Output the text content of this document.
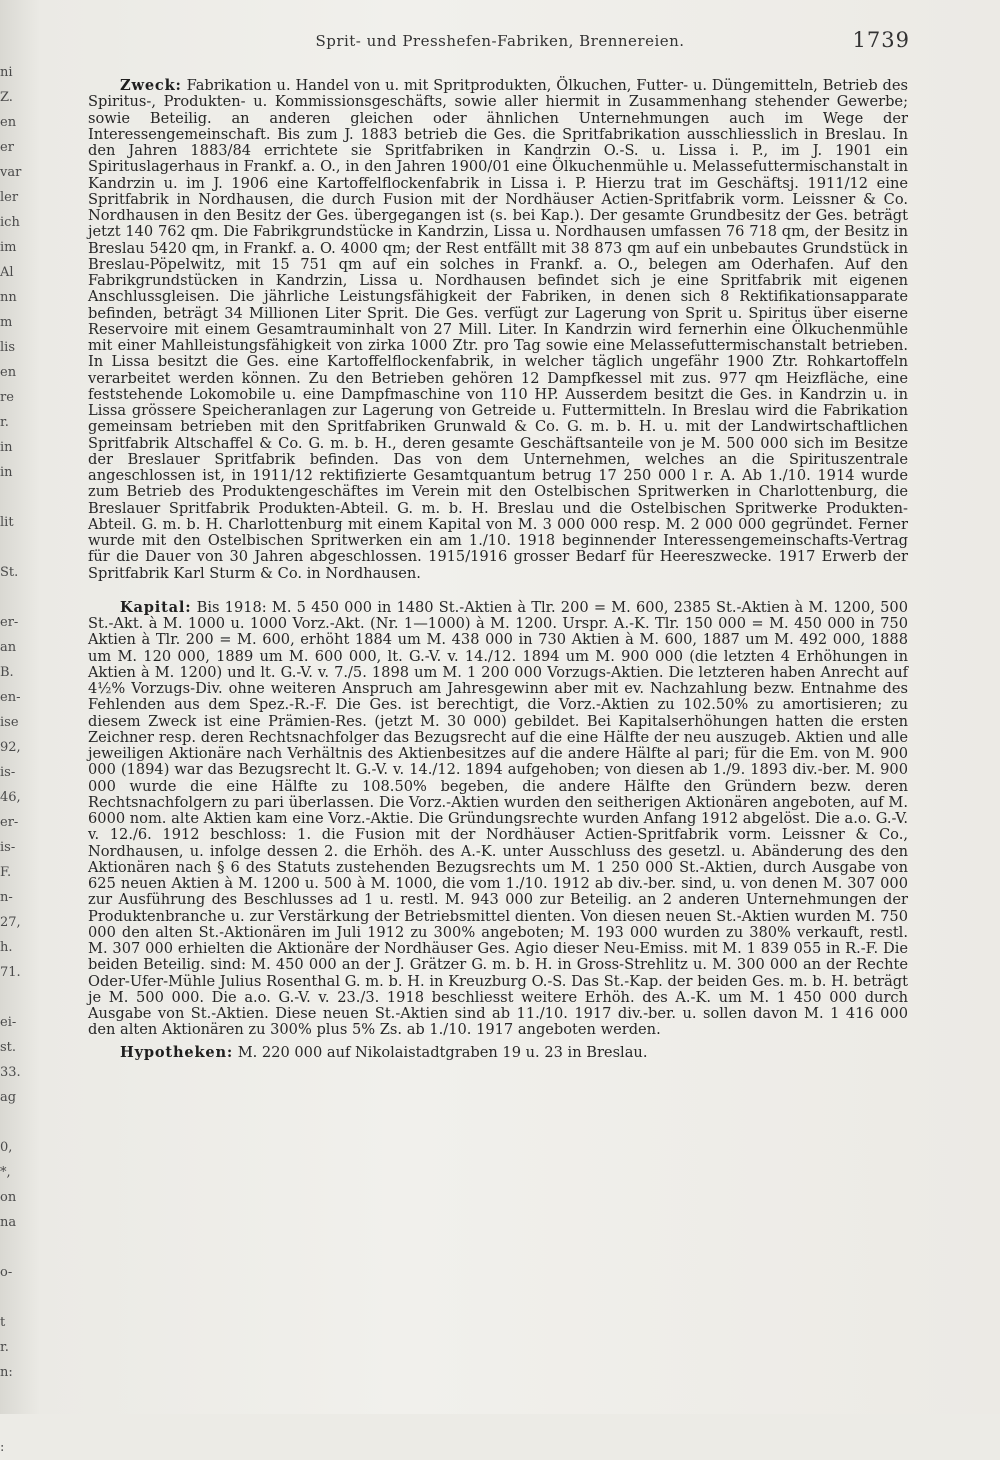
ni
Z.
en
er
var
ler
ich
im
Al
nn
m
lis
en
re
r.
in
in

lit

St.

er-
an
B.
en-
ise
92,
is-
46,
er-
is-
F.
n-
27,
h.
71.

ei-
st.
33.
ag

0,
*,
on
na

o-

t
r.
n:

:
Sprit- und Presshefen-Fabriken, Brennereien.	1739

Zweck: Fabrikation u. Handel von u. mit Spritprodukten, Ölkuchen, Futter- u. Düngemitteln, Betrieb des Spiritus-, Produkten- u. Kommissionsgeschäfts, sowie aller hiermit in Zusammenhang stehender Gewerbe; sowie Beteilig. an anderen gleichen oder ähnlichen Unternehmungen auch im Wege der Interessengemeinschaft. Bis zum J. 1883 betrieb die Ges. die Spritfabrikation ausschliesslich in Breslau. In den Jahren 1883/84 errichtete sie Spritfabriken in Kandrzin O.-S. u. Lissa i. P., im J. 1901 ein Spirituslagerhaus in Frankf. a. O., in den Jahren 1900/01 eine Ölkuchenmühle u. Melassefuttermischanstalt in Kandrzin u. im J. 1906 eine Kartoffelflockenfabrik in Lissa i. P. Hierzu trat im Geschäftsj. 1911/12 eine Spritfabrik in Nordhausen, die durch Fusion mit der Nordhäuser Actien-Spritfabrik vorm. Leissner & Co. Nordhausen in den Besitz der Ges. übergegangen ist (s. bei Kap.). Der gesamte Grundbesitz der Ges. beträgt jetzt 140 762 qm. Die Fabrikgrundstücke in Kandrzin, Lissa u. Nordhausen umfassen 76 718 qm, der Besitz in Breslau 5420 qm, in Frankf. a. O. 4000 qm; der Rest entfällt mit 38 873 qm auf ein unbebautes Grundstück in Breslau-Pöpelwitz, mit 15 751 qm auf ein solches in Frankf. a. O., belegen am Oderhafen. Auf den Fabrikgrundstücken in Kandrzin, Lissa u. Nordhausen befindet sich je eine Spritfabrik mit eigenen Anschlussgleisen. Die jährliche Leistungsfähigkeit der Fabriken, in denen sich 8 Rektifikationsapparate befinden, beträgt 34 Millionen Liter Sprit. Die Ges. verfügt zur Lagerung von Sprit u. Spiritus über eiserne Reservoire mit einem Gesamtrauminhalt von 27 Mill. Liter. In Kandrzin wird fernerhin eine Ölkuchenmühle mit einer Mahlleistungsfähigkeit von zirka 1000 Ztr. pro Tag sowie eine Melassefuttermischanstalt betrieben. In Lissa besitzt die Ges. eine Kartoffelflockenfabrik, in welcher täglich ungefähr 1900 Ztr. Rohkartoffeln verarbeitet werden können. Zu den Betrieben gehören 12 Dampfkessel mit zus. 977 qm Heizfläche, eine feststehende Lokomobile u. eine Dampfmaschine von 110 HP. Ausserdem besitzt die Ges. in Kandrzin u. in Lissa grössere Speicheranlagen zur Lagerung von Getreide u. Futtermitteln. In Breslau wird die Fabrikation gemeinsam betrieben mit den Spritfabriken Grunwald & Co. G. m. b. H. u. mit der Landwirtschaftlichen Spritfabrik Altschaffel & Co. G. m. b. H., deren gesamte Geschäftsanteile von je M. 500 000 sich im Besitze der Breslauer Spritfabrik befinden. Das von dem Unternehmen, welches an die Spirituszentrale angeschlossen ist, in 1911/12 rektifizierte Gesamtquantum betrug 17 250 000 l r. A. Ab 1./10. 1914 wurde zum Betrieb des Produktengeschäftes im Verein mit den Ostelbischen Spritwerken in Charlottenburg, die Breslauer Spritfabrik Produkten-Abteil. G. m. b. H. Breslau und die Ostelbischen Spritwerke Produkten-Abteil. G. m. b. H. Charlottenburg mit einem Kapital von M. 3 000 000 resp. M. 2 000 000 gegründet. Ferner wurde mit den Ostelbischen Spritwerken ein am 1./10. 1918 beginnender Interessengemeinschafts-Vertrag für die Dauer von 30 Jahren abgeschlossen. 1915/1916 grosser Bedarf für Heereszwecke. 1917 Erwerb der Spritfabrik Karl Sturm & Co. in Nordhausen.

Kapital: Bis 1918: M. 5 450 000 in 1480 St.-Aktien à Tlr. 200 = M. 600, 2385 St.-Aktien à M. 1200, 500 St.-Akt. à M. 1000 u. 1000 Vorz.-Akt. (Nr. 1—1000) à M. 1200. Urspr. A.-K. Tlr. 150 000 = M. 450 000 in 750 Aktien à Tlr. 200 = M. 600, erhöht 1884 um M. 438 000 in 730 Aktien à M. 600, 1887 um M. 492 000, 1888 um M. 120 000, 1889 um M. 600 000, lt. G.-V. v. 14./12. 1894 um M. 900 000 (die letzten 4 Erhöhungen in Aktien à M. 1200) und lt. G.-V. v. 7./5. 1898 um M. 1 200 000 Vorzugs-Aktien. Die letzteren haben Anrecht auf 4½% Vorzugs-Div. ohne weiteren Anspruch am Jahresgewinn aber mit ev. Nachzahlung bezw. Entnahme des Fehlenden aus dem Spez.-R.-F. Die Ges. ist berechtigt, die Vorz.-Aktien zu 102.50% zu amortisieren; zu diesem Zweck ist eine Prämien-Res. (jetzt M. 30 000) gebildet. Bei Kapitalserhöhungen hatten die ersten Zeichner resp. deren Rechtsnachfolger das Bezugsrecht auf die eine Hälfte der neu auszugeb. Aktien und alle jeweiligen Aktionäre nach Verhältnis des Aktienbesitzes auf die andere Hälfte al pari; für die Em. von M. 900 000 (1894) war das Bezugsrecht lt. G.-V. v. 14./12. 1894 aufgehoben; von diesen ab 1./9. 1893 div.-ber. M. 900 000 wurde die eine Hälfte zu 108.50% begeben, die andere Hälfte den Gründern bezw. deren Rechtsnachfolgern zu pari überlassen. Die Vorz.-Aktien wurden den seitherigen Aktionären angeboten, auf M. 6000 nom. alte Aktien kam eine Vorz.-Aktie. Die Gründungsrechte wurden Anfang 1912 abgelöst. Die a.o. G.-V. v. 12./6. 1912 beschloss: 1. die Fusion mit der Nordhäuser Actien-Spritfabrik vorm. Leissner & Co., Nordhausen, u. infolge dessen 2. die Erhöh. des A.-K. unter Ausschluss des gesetzl. u. Abänderung des den Aktionären nach § 6 des Statuts zustehenden Bezugsrechts um M. 1 250 000 St.-Aktien, durch Ausgabe von 625 neuen Aktien à M. 1200 u. 500 à M. 1000, die vom 1./10. 1912 ab div.-ber. sind, u. von denen M. 307 000 zur Ausführung des Beschlusses ad 1 u. restl. M. 943 000 zur Beteilig. an 2 anderen Unternehmungen der Produktenbranche u. zur Verstärkung der Betriebsmittel dienten. Von diesen neuen St.-Aktien wurden M. 750 000 den alten St.-Aktionären im Juli 1912 zu 300% angeboten; M. 193 000 wurden zu 380% verkauft, restl. M. 307 000 erhielten die Aktionäre der Nordhäuser Ges. Agio dieser Neu-Emiss. mit M. 1 839 055 in R.-F. Die beiden Beteilig. sind: M. 450 000 an der J. Grätzer G. m. b. H. in Gross-Strehlitz u. M. 300 000 an der Rechte Oder-Ufer-Mühle Julius Rosenthal G. m. b. H. in Kreuzburg O.-S. Das St.-Kap. der beiden Ges. m. b. H. beträgt je M. 500 000. Die a.o. G.-V. v. 23./3. 1918 beschliesst weitere Erhöh. des A.-K. um M. 1 450 000 durch Ausgabe von St.-Aktien. Diese neuen St.-Aktien sind ab 11./10. 1917 div.-ber. u. sollen davon M. 1 416 000 den alten Aktionären zu 300% plus 5% Zs. ab 1./10. 1917 angeboten werden.

Hypotheken: M. 220 000 auf Nikolaistadtgraben 19 u. 23 in Breslau.
